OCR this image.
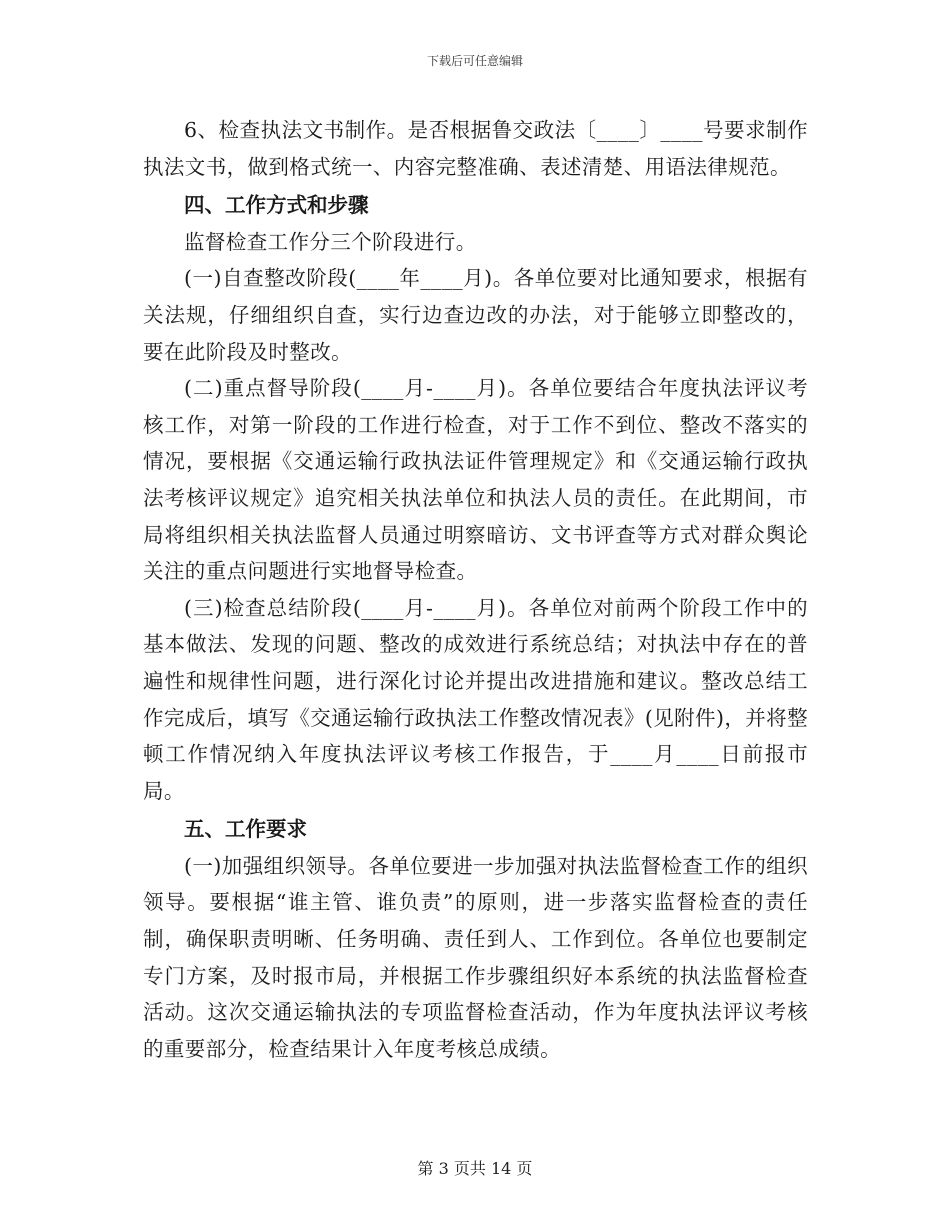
下载后可任意编辑

6、检查执法文书制作。是否根据鲁交政法〔____〕____号要求制作执法文书，做到格式统一、内容完整准确、表述清楚、用语法律规范。

四、工作方式和步骤

监督检查工作分三个阶段进行。

(一)自查整改阶段(____年____月)。各单位要对比通知要求，根据有关法规，仔细组织自查，实行边查边改的办法，对于能够立即整改的，要在此阶段及时整改。

(二)重点督导阶段(____月-____月)。各单位要结合年度执法评议考核工作，对第一阶段的工作进行检查，对于工作不到位、整改不落实的情况，要根据《交通运输行政执法证件管理规定》和《交通运输行政执法考核评议规定》追究相关执法单位和执法人员的责任。在此期间，市局将组织相关执法监督人员通过明察暗访、文书评查等方式对群众舆论关注的重点问题进行实地督导检查。

(三)检查总结阶段(____月-____月)。各单位对前两个阶段工作中的基本做法、发现的问题、整改的成效进行系统总结；对执法中存在的普遍性和规律性问题，进行深化讨论并提出改进措施和建议。整改总结工作完成后，填写《交通运输行政执法工作整改情况表》(见附件)，并将整顿工作情况纳入年度执法评议考核工作报告，于____月____日前报市局。

五、工作要求

(一)加强组织领导。各单位要进一步加强对执法监督检查工作的组织领导。要根据“谁主管、谁负责”的原则，进一步落实监督检查的责任制，确保职责明晰、任务明确、责任到人、工作到位。各单位也要制定专门方案，及时报市局，并根据工作步骤组织好本系统的执法监督检查活动。这次交通运输执法的专项监督检查活动，作为年度执法评议考核的重要部分，检查结果计入年度考核总成绩。

第 3 页共 14 页
